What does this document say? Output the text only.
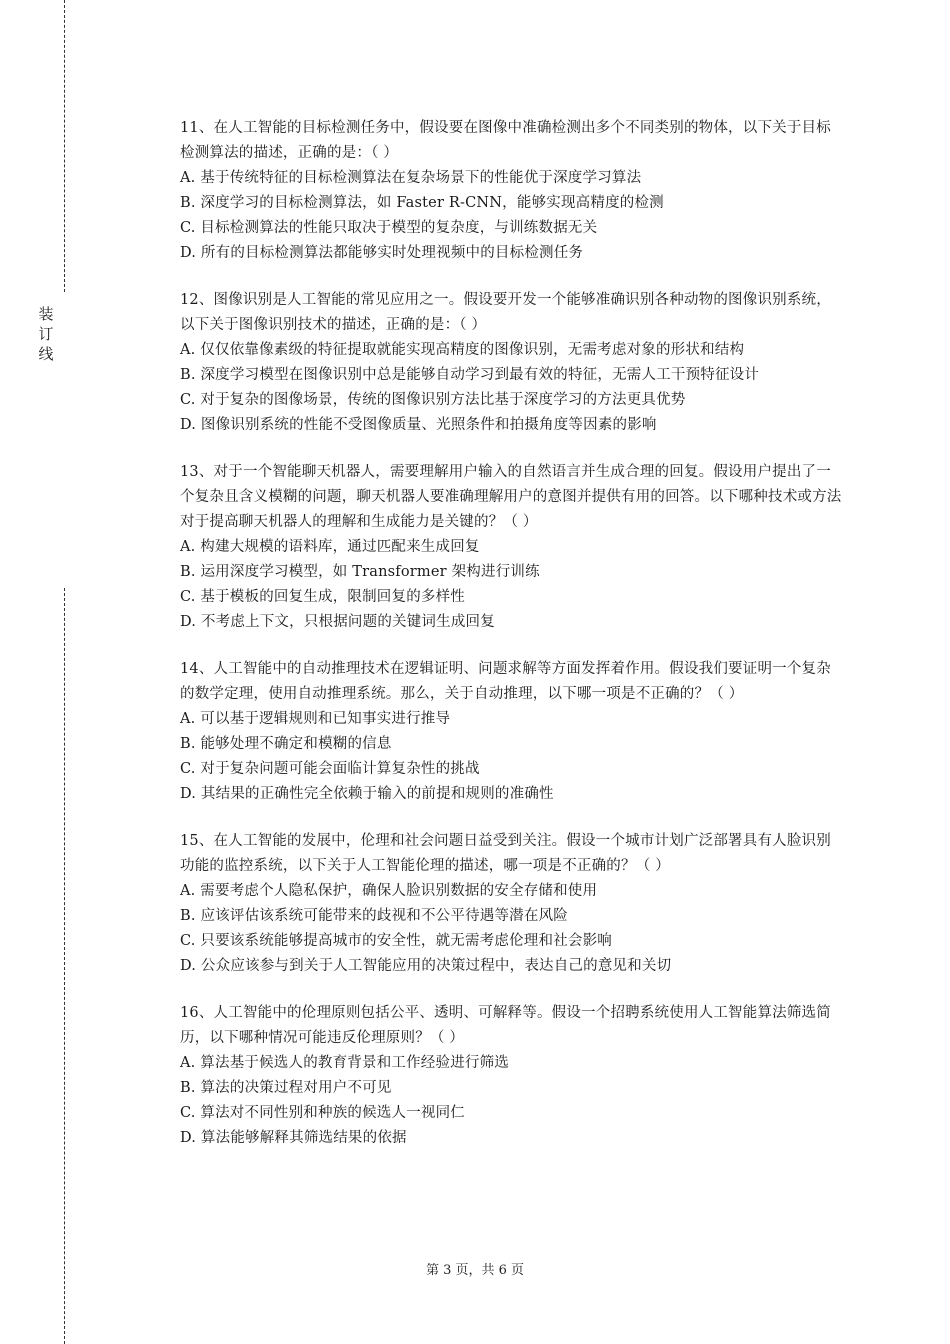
装
订
线

11、在人工智能的目标检测任务中，假设要在图像中准确检测出多个不同类别的物体，以下关于目标检测算法的描述，正确的是：（ ）

A. 基于传统特征的目标检测算法在复杂场景下的性能优于深度学习算法

B. 深度学习的目标检测算法，如 Faster R-CNN，能够实现高精度的检测

C. 目标检测算法的性能只取决于模型的复杂度，与训练数据无关

D. 所有的目标检测算法都能够实时处理视频中的目标检测任务

12、图像识别是人工智能的常见应用之一。假设要开发一个能够准确识别各种动物的图像识别系统，以下关于图像识别技术的描述，正确的是：（ ）

A. 仅仅依靠像素级的特征提取就能实现高精度的图像识别，无需考虑对象的形状和结构

B. 深度学习模型在图像识别中总是能够自动学习到最有效的特征，无需人工干预特征设计

C. 对于复杂的图像场景，传统的图像识别方法比基于深度学习的方法更具优势

D. 图像识别系统的性能不受图像质量、光照条件和拍摄角度等因素的影响

13、对于一个智能聊天机器人，需要理解用户输入的自然语言并生成合理的回复。假设用户提出了一个复杂且含义模糊的问题，聊天机器人要准确理解用户的意图并提供有用的回答。以下哪种技术或方法对于提高聊天机器人的理解和生成能力是关键的？（ ）

A. 构建大规模的语料库，通过匹配来生成回复

B. 运用深度学习模型，如 Transformer 架构进行训练

C. 基于模板的回复生成，限制回复的多样性

D. 不考虑上下文，只根据问题的关键词生成回复

14、人工智能中的自动推理技术在逻辑证明、问题求解等方面发挥着作用。假设我们要证明一个复杂的数学定理，使用自动推理系统。那么，关于自动推理，以下哪一项是不正确的？（ ）

A. 可以基于逻辑规则和已知事实进行推导

B. 能够处理不确定和模糊的信息

C. 对于复杂问题可能会面临计算复杂性的挑战

D. 其结果的正确性完全依赖于输入的前提和规则的准确性

15、在人工智能的发展中，伦理和社会问题日益受到关注。假设一个城市计划广泛部署具有人脸识别功能的监控系统，以下关于人工智能伦理的描述，哪一项是不正确的？（ ）

A. 需要考虑个人隐私保护，确保人脸识别数据的安全存储和使用

B. 应该评估该系统可能带来的歧视和不公平待遇等潜在风险

C. 只要该系统能够提高城市的安全性，就无需考虑伦理和社会影响

D. 公众应该参与到关于人工智能应用的决策过程中，表达自己的意见和关切

16、人工智能中的伦理原则包括公平、透明、可解释等。假设一个招聘系统使用人工智能算法筛选简历，以下哪种情况可能违反伦理原则？（ ）

A. 算法基于候选人的教育背景和工作经验进行筛选

B. 算法的决策过程对用户不可见

C. 算法对不同性别和种族的候选人一视同仁

D. 算法能够解释其筛选结果的依据

第 3 页，共 6 页
